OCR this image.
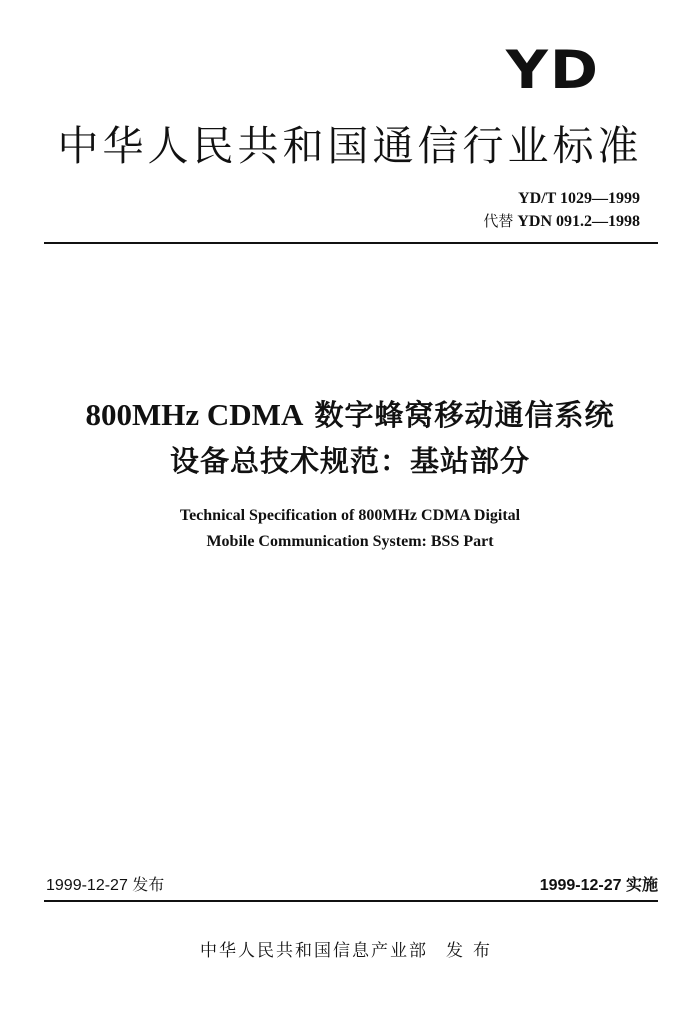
YD
中华人民共和国通信行业标准
YD/T 1029—1999
代替 YDN 091.2—1998
800MHz CDMA 数字蜂窝移动通信系统
设备总技术规范：基站部分
Technical Specification of 800MHz CDMA Digital
Mobile Communication System: BSS Part
1999-12-27 发布	1999-12-27 实施
中华人民共和国信息产业部 发布
